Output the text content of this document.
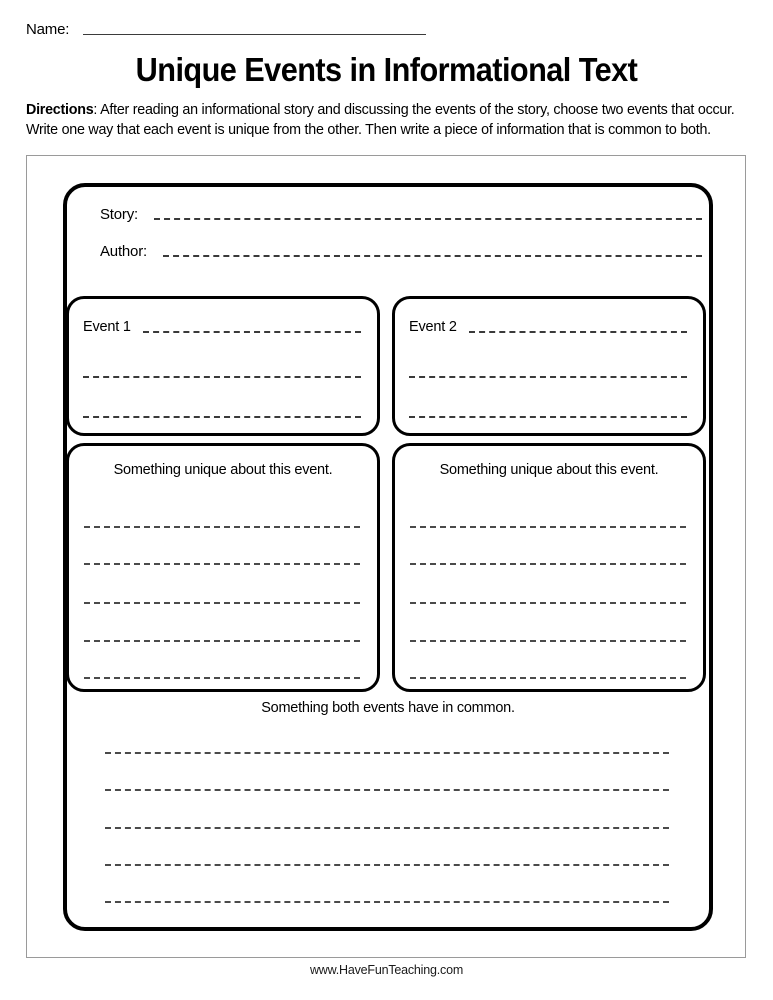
Name:
Unique Events in Informational Text
Directions: After reading an informational story and discussing the events of the story, choose two events that occur. Write one way that each event is unique from the other. Then write a piece of information that is common to both.
Story:
Author:
Event 1	Event 2
Something unique about this event.	Something unique about this event.
Something both events have in common.
www.HaveFunTeaching.com
